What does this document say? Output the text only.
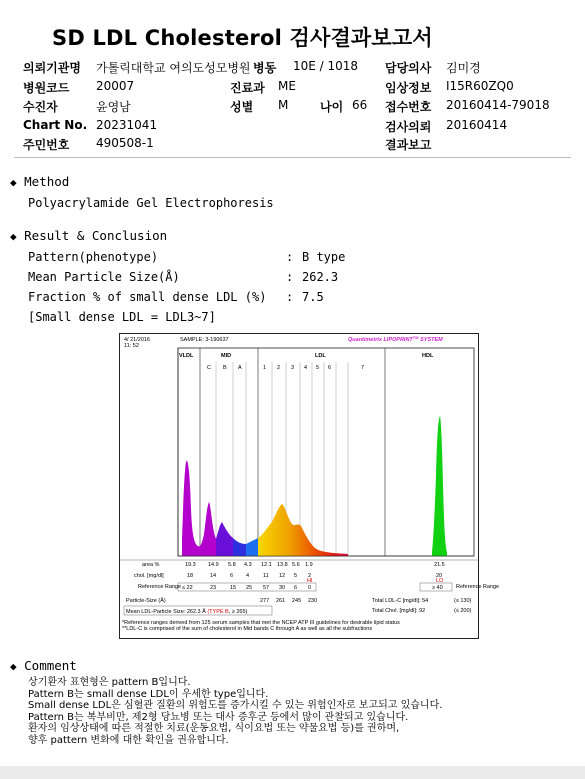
SD LDL Cholesterol 검사결과보고서
의뢰기관명 가톨릭대학교 여의도성모병원 병동 10E / 1018 담당의사 김미경
병원코드 20007	진료과 ME	임상정보 I15R60ZQ0
수진자	윤영남	성별 M	나이 66 접수번호 20160414-79018
Chart No. 20231041	검사의뢰 20160414
주민번호 490508-1	결과보고
◆ Method
Polyacrylamide Gel Electrophoresis
◆ Result & Conclusion
Pattern(phenotype)	: B type
Mean Particle Size(Å)	: 262.3
Fraction % of small dense LDL (%) : 7.5
[Small dense LDL = LDL3~7]
4/ 21/2016
11: 52
SAMPLE: 3-190637	Quantimetrix LIPOPRINT™ SYSTEM
VLDL	MID	LDL	HDL
C B A	1 2 3 4 5 6	7
area %	19.3 14.9 5.8 4.3 12.1 13.8 5.6 1.9	21.5
chol. [mg/dl]	18	14	6 4	11 12 5 2	20
HI	LO
Reference Range ≤ 22	23	15 25 57 30 6 0	≥ 40 Reference Range
Particle-Size (Å)	277 261 245 230	Total LDL-C [mg/dl]: 54	(≤ 130)
Mean LDL-Particle Size: 262.3 Å (TYPE B, ≥ 265)	Total Chol. [mg/dl]: 92	(≤ 200)
*Reference ranges derived from 125 serum samples that met the NCEP ATP III guidelines for desirable lipid status
**LDL-C is comprised of the sum of cholesterol in Mid bands C through A as well as all the subfractions
◆ Comment
상기환자 표현형은 pattern B입니다.
Pattern B는 small dense LDL이 우세한 type입니다.
Small dense LDL은 심혈관 질환의 위험도를 증가시킬 수 있는 위험인자로 보고되고 있습니다.
Pattern B는 복부비만, 제2형 당뇨병 또는 대사 증후군 등에서 많이 관찰되고 있습니다.
환자의 임상상태에 따른 적절한 치료(운동요법, 식이요법 또는 약물요법 등)를 권하며,
향후 pattern 변화에 대한 확인을 권유합니다.
